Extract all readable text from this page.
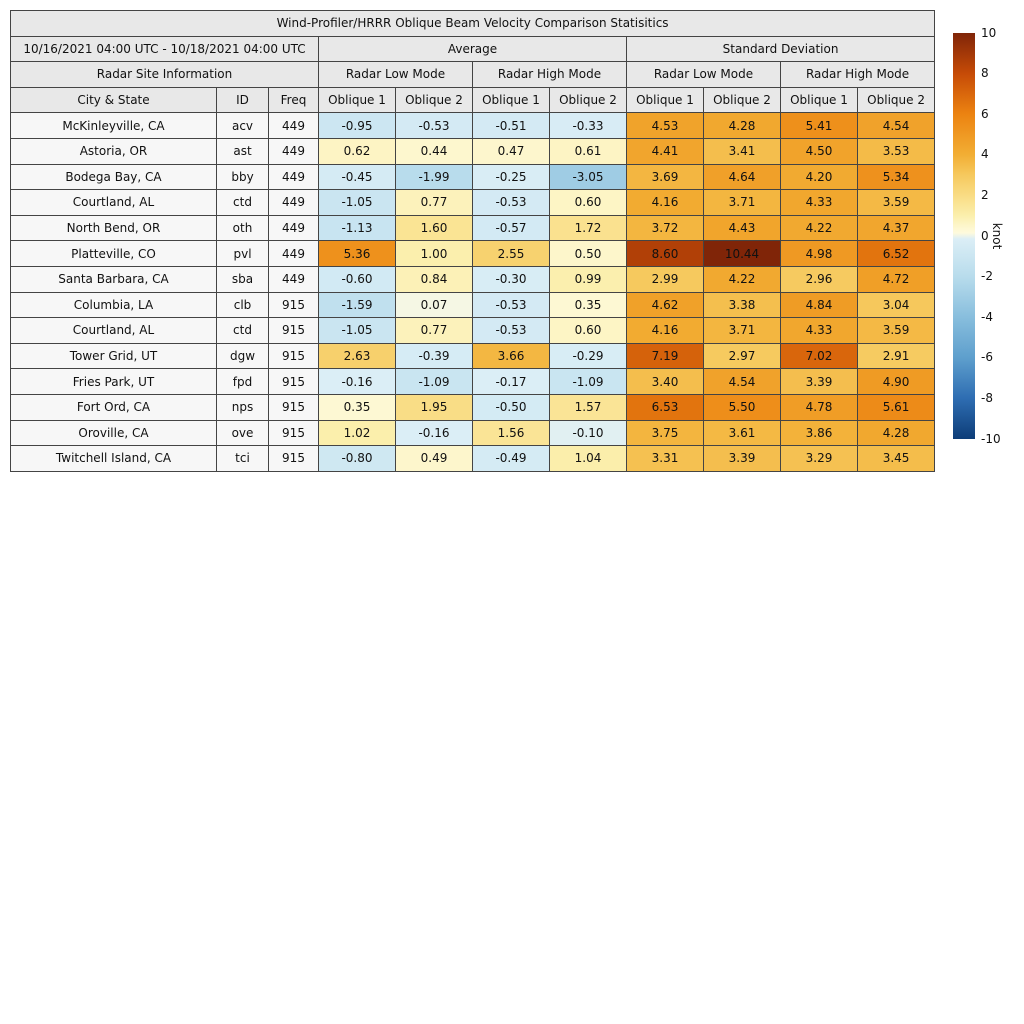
Wind-Profiler/HRRR Oblique Beam Velocity Comparison Statisitics										
10/16/2021 04:00 UTC - 10/18/2021 04:00 UTC			Average				Standard Deviation			
Radar Site Information			Radar Low Mode		Radar High Mode		Radar Low Mode		Radar High Mode	
City & State	ID	Freq	Oblique 1	Oblique 2	Oblique 1	Oblique 2	Oblique 1	Oblique 2	Oblique 1	Oblique 2
McKinleyville, CA	acv	449	-0.95	-0.53	-0.51	-0.33	4.53	4.28	5.41	4.54
Astoria, OR	ast	449	0.62	0.44	0.47	0.61	4.41	3.41	4.50	3.53
Bodega Bay, CA	bby	449	-0.45	-1.99	-0.25	-3.05	3.69	4.64	4.20	5.34
Courtland, AL	ctd	449	-1.05	0.77	-0.53	0.60	4.16	3.71	4.33	3.59
North Bend, OR	oth	449	-1.13	1.60	-0.57	1.72	3.72	4.43	4.22	4.37
Platteville, CO	pvl	449	5.36	1.00	2.55	0.50	8.60	10.44	4.98	6.52
Santa Barbara, CA	sba	449	-0.60	0.84	-0.30	0.99	2.99	4.22	2.96	4.72
Columbia, LA	clb	915	-1.59	0.07	-0.53	0.35	4.62	3.38	4.84	3.04
Courtland, AL	ctd	915	-1.05	0.77	-0.53	0.60	4.16	3.71	4.33	3.59
Tower Grid, UT	dgw	915	2.63	-0.39	3.66	-0.29	7.19	2.97	7.02	2.91
Fries Park, UT	fpd	915	-0.16	-1.09	-0.17	-1.09	3.40	4.54	3.39	4.90
Fort Ord, CA	nps	915	0.35	1.95	-0.50	1.57	6.53	5.50	4.78	5.61
Oroville, CA	ove	915	1.02	-0.16	1.56	-0.10	3.75	3.61	3.86	4.28
Twitchell Island, CA	tci	915	-0.80	0.49	-0.49	1.04	3.31	3.39	3.29	3.45
10
8
6
4
2
0
-2
-4
-6
-8
-10
knot
